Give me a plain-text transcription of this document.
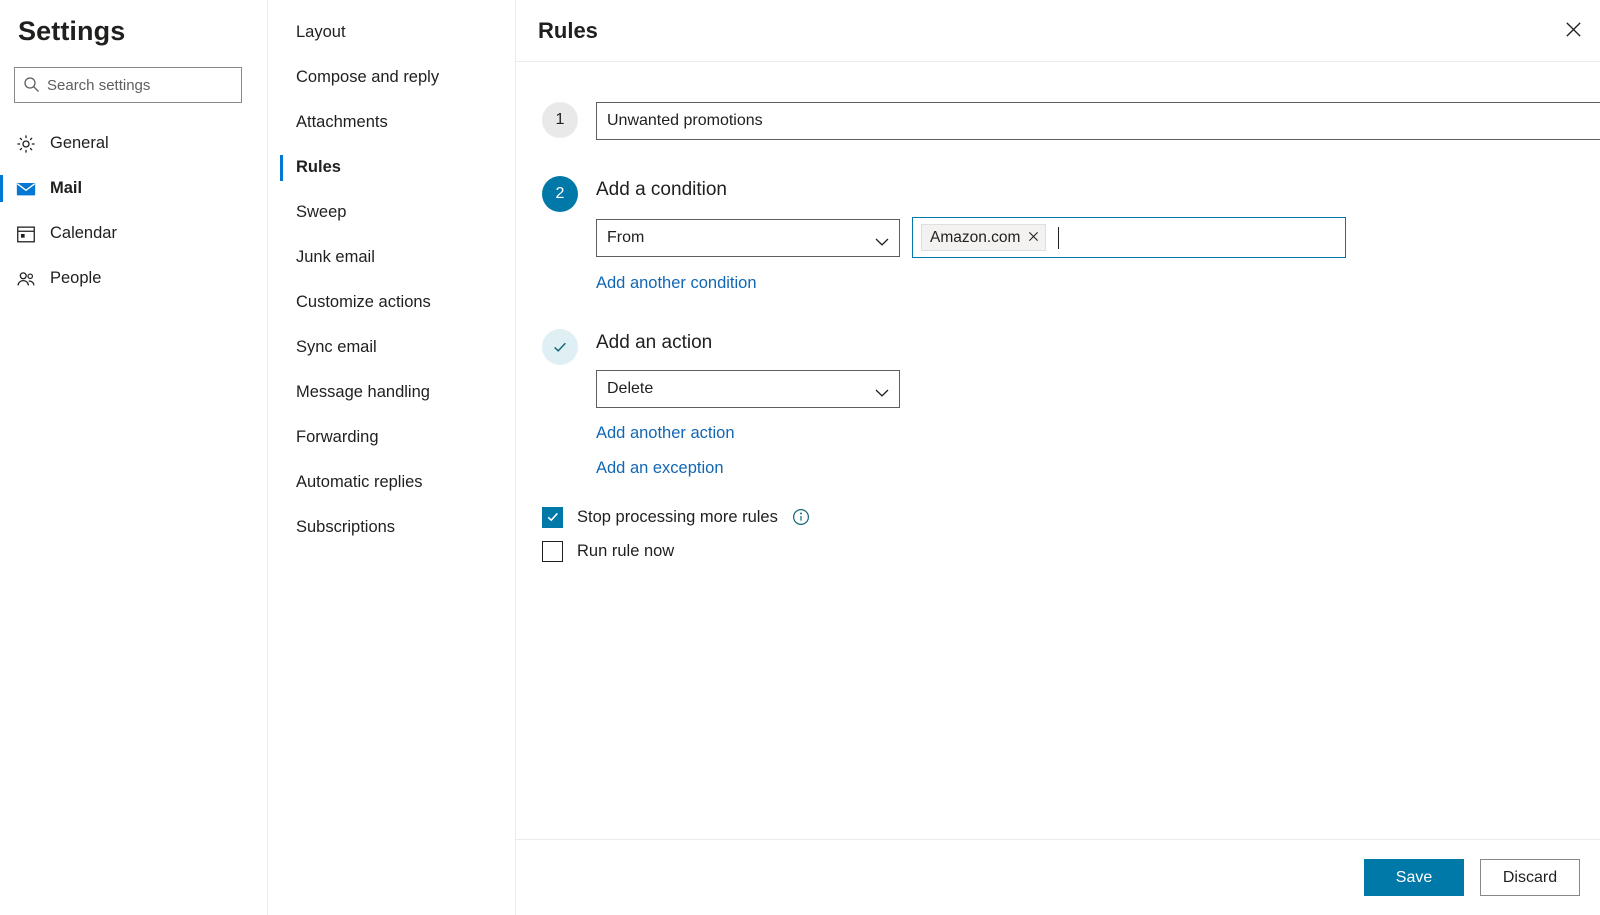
Settings
Search settings
General
Mail
Calendar
People
Layout
Compose and reply
Attachments
Rules
Sweep
Junk email
Customize actions
Sync email
Message handling
Forwarding
Automatic replies
Subscriptions
Rules
1
Unwanted promotions
2	Add a condition
From	Amazon.com
Add another condition
Add an action
Delete
Add another action
Add an exception
Stop processing more rules
Run rule now
Save	Discard
